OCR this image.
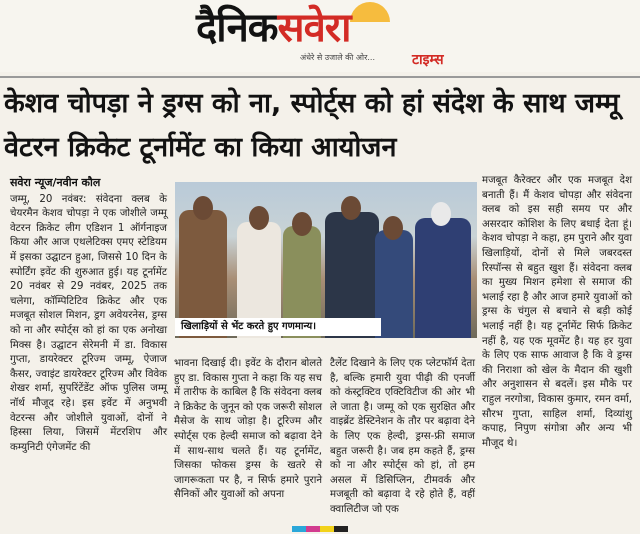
दैनिकसवेरा
अंधेरे से उजाले की ओर...	टाइम्स
केशव चोपड़ा ने ड्रग्स को ना, स्पोर्ट्स को हां संदेश के साथ जम्मू वेटरन क्रिकेट टूर्नामेंट का किया आयोजन
सवेरा न्यूज/नवीन कौल
जम्मू, 20 नवंबर: संवेदना क्लब के चेयरमैन केशव चोपड़ा ने एक जोशीले जम्मू वेटरन क्रिकेट लीग एडिशन 1 ऑर्गनाइज किया और आज एथलेटिक्स एमए स्टेडियम में इसका उद्घाटन हुआ, जिससे 10 दिन के स्पोर्टिंग इवेंट की शुरुआत हुई। यह टूर्नामेंट 20 नवंबर से 29 नवंबर, 2025 तक चलेगा, कॉम्पिटिटिव क्रिकेट और एक मजबूत सोशल मिशन, ड्रग अवेयरनेस, ड्रग्स को ना और स्पोर्ट्स को हां का एक अनोखा मिक्स है। उद्घाटन सेरेमनी में डा. विकास गुप्ता, डायरेक्टर टूरिज्म जम्मू, ऐजाज कैसर, ज्वाइंट डायरेक्टर टूरिज्म और विवेक शेखर शर्मा, सुपरिंटेंडेंट ऑफ पुलिस जम्मू नॉर्थ मौजूद रहे। इस इवेंट में अनुभवी वेटरन्स और जोशीले युवाओं, दोनों ने हिस्सा लिया, जिसमें मेंटरशिप और कम्युनिटी एंगेजमेंट की
खिलाड़ियों से भेंट करते हुए गणमान्य।
भावना दिखाई दी। इवेंट के दौरान बोलते हुए डा. विकास गुप्ता ने कहा कि यह सच में तारीफ के काबिल है कि संवेदना क्लब ने क्रिकेट के जुनून को एक जरूरी सोशल मैसेज के साथ जोड़ा है। टूरिज्म और स्पोर्ट्स एक हेल्दी समाज को बढ़ावा देने में साथ-साथ चलते हैं। यह टूर्नामेंट, जिसका फोकस ड्रग्स के खतरे से जागरूकता पर है, न सिर्फ हमारे पुराने सैनिकों और युवाओं को अपना
टैलेंट दिखाने के लिए एक प्लेटफॉर्म देता है, बल्कि हमारी युवा पीढ़ी की एनर्जी को कंस्ट्रक्टिव एक्टिविटीज की ओर भी ले जाता है। जम्मू को एक सुरक्षित और वाइब्रेंट डेस्टिनेशन के तौर पर बढ़ावा देने के लिए एक हेल्दी, ड्रग्स-फ्री समाज बहुत जरूरी है। जब हम कहते हैं, ड्रग्स को ना और स्पोर्ट्स को हां, तो हम असल में डिसिप्लिन, टीमवर्क और मजबूती को बढ़ावा दे रहे होते हैं, वहीं क्वालिटीज जो एक
मजबूत कैरेक्टर और एक मजबूत देश बनाती हैं। मैं केशव चोपड़ा और संवेदना क्लब को इस सही समय पर और असरदार कोशिश के लिए बधाई देता हूं। केशव चोपड़ा ने कहा, हम पुराने और युवा खिलाड़ियों, दोनों से मिले जबरदस्त रिस्पॉन्स से बहुत खुश हैं। संवेदना क्लब का मुख्य मिशन हमेशा से समाज की भलाई रहा है और आज हमारे युवाओं को ड्रग्स के चंगुल से बचाने से बड़ी कोई भलाई नहीं है। यह टूर्नामेंट सिर्फ क्रिकेट नहीं है, यह एक मूवमेंट है। यह हर युवा के लिए एक साफ आवाज है कि वे ड्रग्स की निराशा को खेल के मैदान की खुशी और अनुशासन से बदलें। इस मौके पर राहुल नरगोत्रा, विकास कुमार, रमन वर्मा, सौरभ गुप्ता, साहिल शर्मा, दिव्यांशु कपाह, निपुण संगोत्रा और अन्य भी मौजूद थे।
